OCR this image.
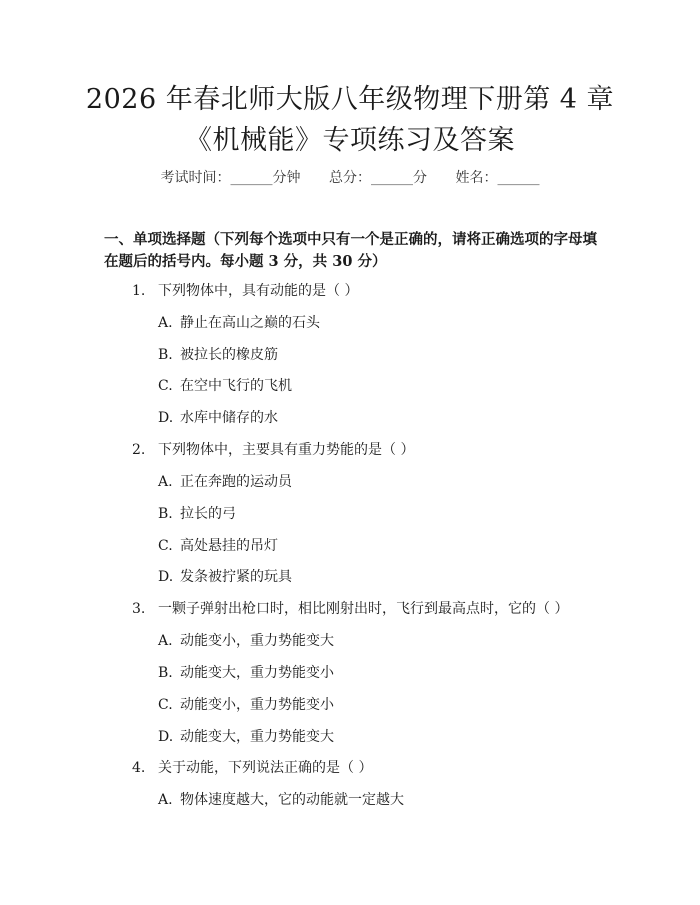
2026 年春北师大版八年级物理下册第 4 章
《机械能》专项练习及答案
考试时间：______分钟 总分：______分 姓名：______
一、单项选择题（下列每个选项中只有一个是正确的，请将正确选项的字母填在题后的括号内。每小题 3 分，共 30 分）
1. 下列物体中，具有动能的是（ ）
A. 静止在高山之巅的石头
B. 被拉长的橡皮筋
C. 在空中飞行的飞机
D. 水库中储存的水
2. 下列物体中，主要具有重力势能的是（ ）
A. 正在奔跑的运动员
B. 拉长的弓
C. 高处悬挂的吊灯
D. 发条被拧紧的玩具
3. 一颗子弹射出枪口时，相比刚射出时，飞行到最高点时，它的（ ）
A. 动能变小，重力势能变大
B. 动能变大，重力势能变小
C. 动能变小，重力势能变小
D. 动能变大，重力势能变大
4. 关于动能，下列说法正确的是（ ）
A. 物体速度越大，它的动能就一定越大
